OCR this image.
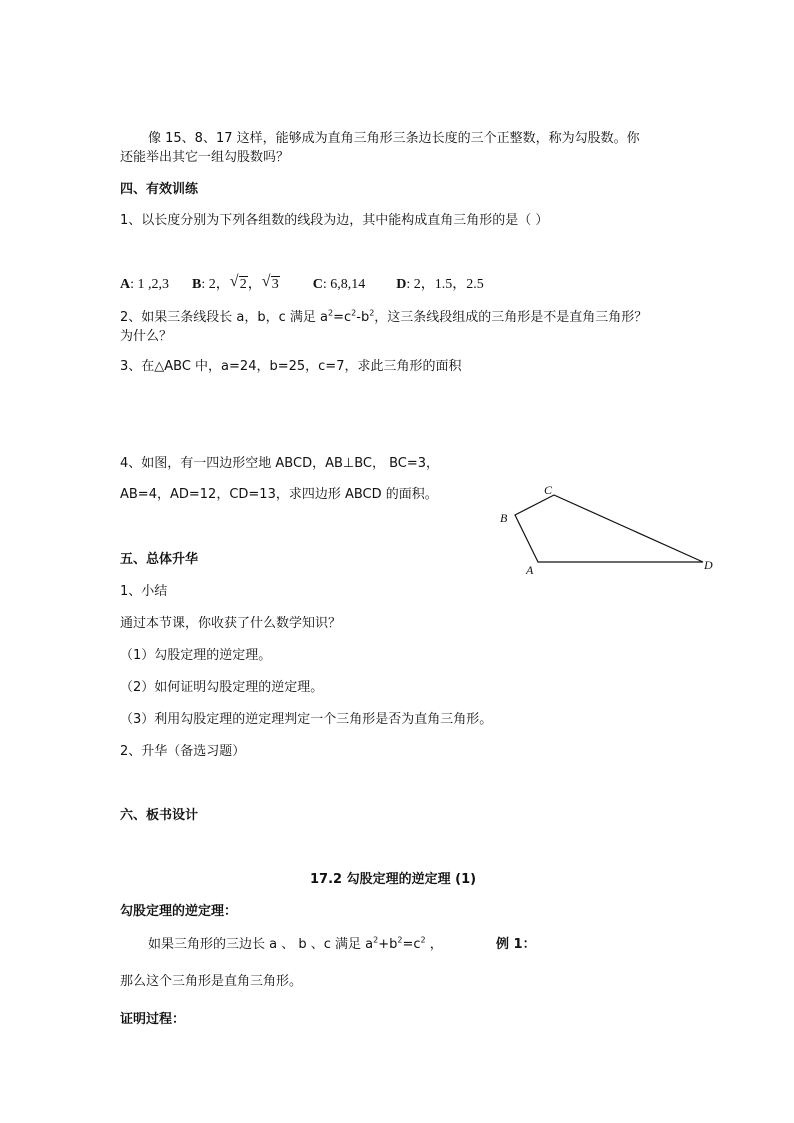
像 15、8、17 这样，能够成为直角三角形三条边长度的三个正整数，称为勾股数。你
还能举出其它一组勾股数吗？
四、有效训练
1、以长度分别为下列各组数的线段为边，其中能构成直角三角形的是（ ）
A: 1 ,2,3 B: 2， √ 2， √ 3 C: 6,8,14 D: 2，1.5，2.5
2、如果三条线段长 a，b，c 满足 $a^2=c^2-b^2$，这三条线段组成的三角形是不是直角三角形？
为什么？
3、在△ABC 中，a=24，b=25，c=7，求此三角形的面积
4、如图，有一四边形空地 ABCD，AB⊥BC， BC=3，
AB=4，AD=12，CD=13，求四边形 ABCD 的面积。	C
B
A	D
五、总体升华
1、小结
通过本节课，你收获了什么数学知识？
（1）勾股定理的逆定理。
（2）如何证明勾股定理的逆定理。
（3）利用勾股定理的逆定理判定一个三角形是否为直角三角形。
2、升华（备选习题）
六、板书设计
17.2 勾股定理的逆定理 (1)
勾股定理的逆定理：
如果三角形的三边长 a 、 b 、c 满足 $a^2+b^2=c^2$ ，	例 1：
那么这个三角形是直角三角形。
证明过程：
